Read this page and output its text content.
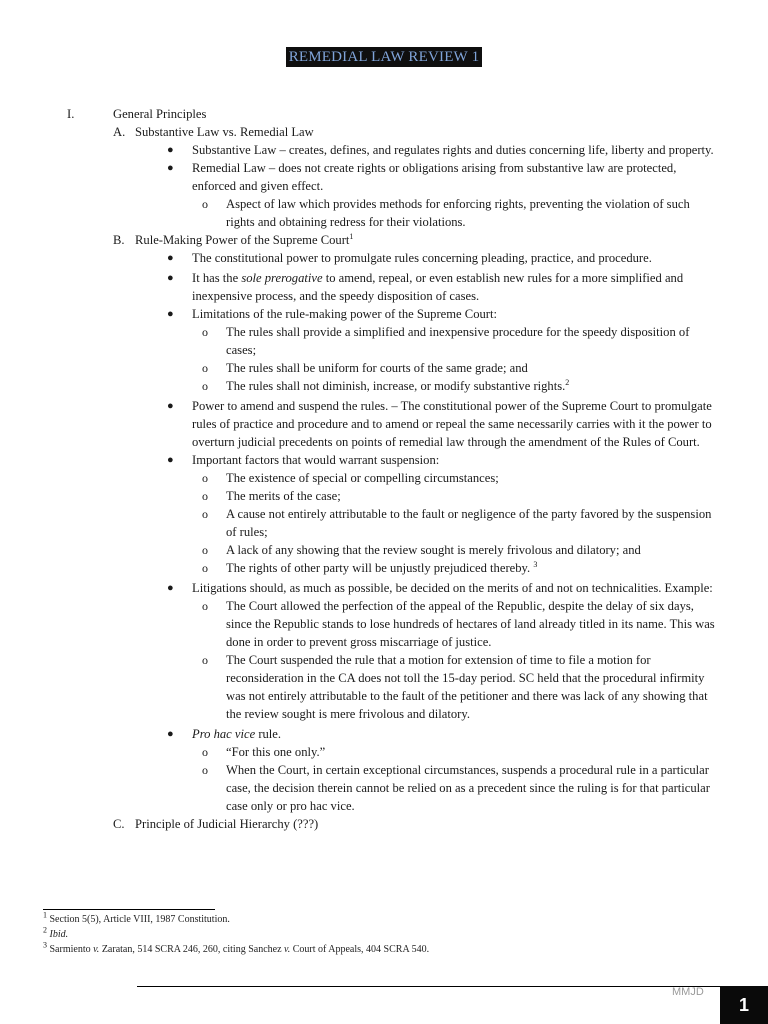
REMEDIAL LAW REVIEW 1
I.	General Principles
A. Substantive Law vs. Remedial Law
● Substantive Law – creates, defines, and regulates rights and duties concerning life, liberty and property.
● Remedial Law – does not create rights or obligations arising from substantive law are protected, enforced and given effect.
o Aspect of law which provides methods for enforcing rights, preventing the violation of such rights and obtaining redress for their violations.
B. Rule-Making Power of the Supreme Court$^1$
● The constitutional power to promulgate rules concerning pleading, practice, and procedure.
● It has the sole prerogative to amend, repeal, or even establish new rules for a more simplified and inexpensive process, and the speedy disposition of cases.
● Limitations of the rule-making power of the Supreme Court:
o The rules shall provide a simplified and inexpensive procedure for the speedy disposition of cases;
o The rules shall be uniform for courts of the same grade; and
o The rules shall not diminish, increase, or modify substantive rights.$^2$
● Power to amend and suspend the rules. – The constitutional power of the Supreme Court to promulgate rules of practice and procedure and to amend or repeal the same necessarily carries with it the power to overturn judicial precedents on points of remedial law through the amendment of the Rules of Court.
● Important factors that would warrant suspension:
o The existence of special or compelling circumstances;
o The merits of the case;
o A cause not entirely attributable to the fault or negligence of the party favored by the suspension of rules;
o A lack of any showing that the review sought is merely frivolous and dilatory; and
o The rights of other party will be unjustly prejudiced thereby. $^3$
● Litigations should, as much as possible, be decided on the merits of and not on technicalities. Example:
o The Court allowed the perfection of the appeal of the Republic, despite the delay of six days, since the Republic stands to lose hundreds of hectares of land already titled in its name. This was done in order to prevent gross miscarriage of justice.
o The Court suspended the rule that a motion for extension of time to file a motion for reconsideration in the CA does not toll the 15-day period. SC held that the procedural infirmity was not entirely attributable to the fault of the petitioner and there was lack of any showing that the review sought is mere frivolous and dilatory.
● Pro hac vice rule.
o “For this one only.”
o When the Court, in certain exceptional circumstances, suspends a procedural rule in a particular case, the decision therein cannot be relied on as a precedent since the ruling is for that particular case only or pro hac vice.
C. Principle of Judicial Hierarchy (???)
$^1$ Section 5(5), Article VIII, 1987 Constitution.
$^2$ Ibid.
$^3$ Sarmiento v. Zaratan, 514 SCRA 246, 260, citing Sanchez v. Court of Appeals, 404 SCRA 540.
MMJD
1
